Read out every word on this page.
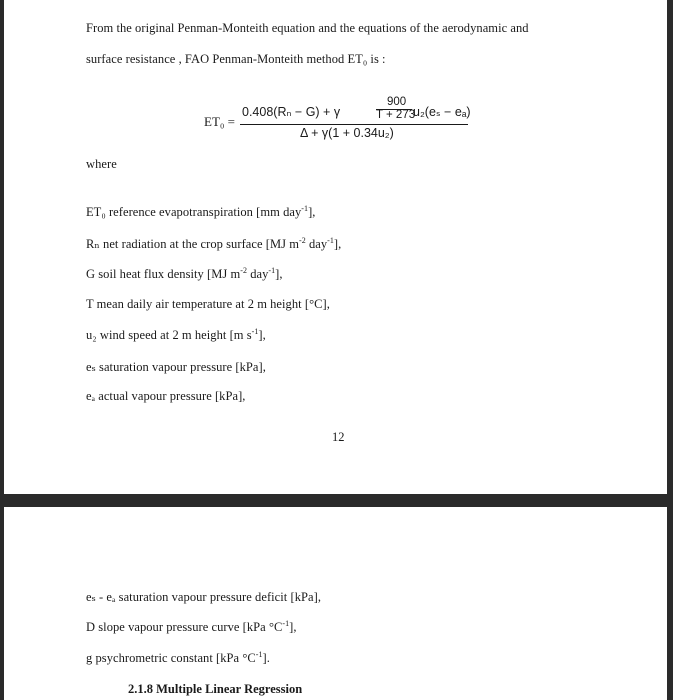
From the original Penman-Monteith equation and the equations of the aerodynamic and
surface resistance , FAO Penman-Monteith method ET₀ is :
ET₀ =
0.408(Rₙ − G) + γ
900
T + 273
u₂(eₛ − eₐ)
Δ + γ(1 + 0.34u₂)
where
ET₀ reference evapotranspiration [mm day$^{-1}$],
Rₙ net radiation at the crop surface [MJ $m^{-2}$ day$^{-1}$],
G soil heat flux density [MJ $m^{-2}$ day$^{-1}$],
T mean daily air temperature at 2 m height [°C],
u₂ wind speed at 2 m height [m $s^{-1}$],
eₛ saturation vapour pressure [kPa],
eₐ actual vapour pressure [kPa],
12
eₛ - eₐ saturation vapour pressure deficit [kPa],
D slope vapour pressure curve [kPa $^\circ C^{-1}$],
g psychrometric constant [kPa $^\circ C^{-1}$].
2.1.8 Multiple Linear Regression
